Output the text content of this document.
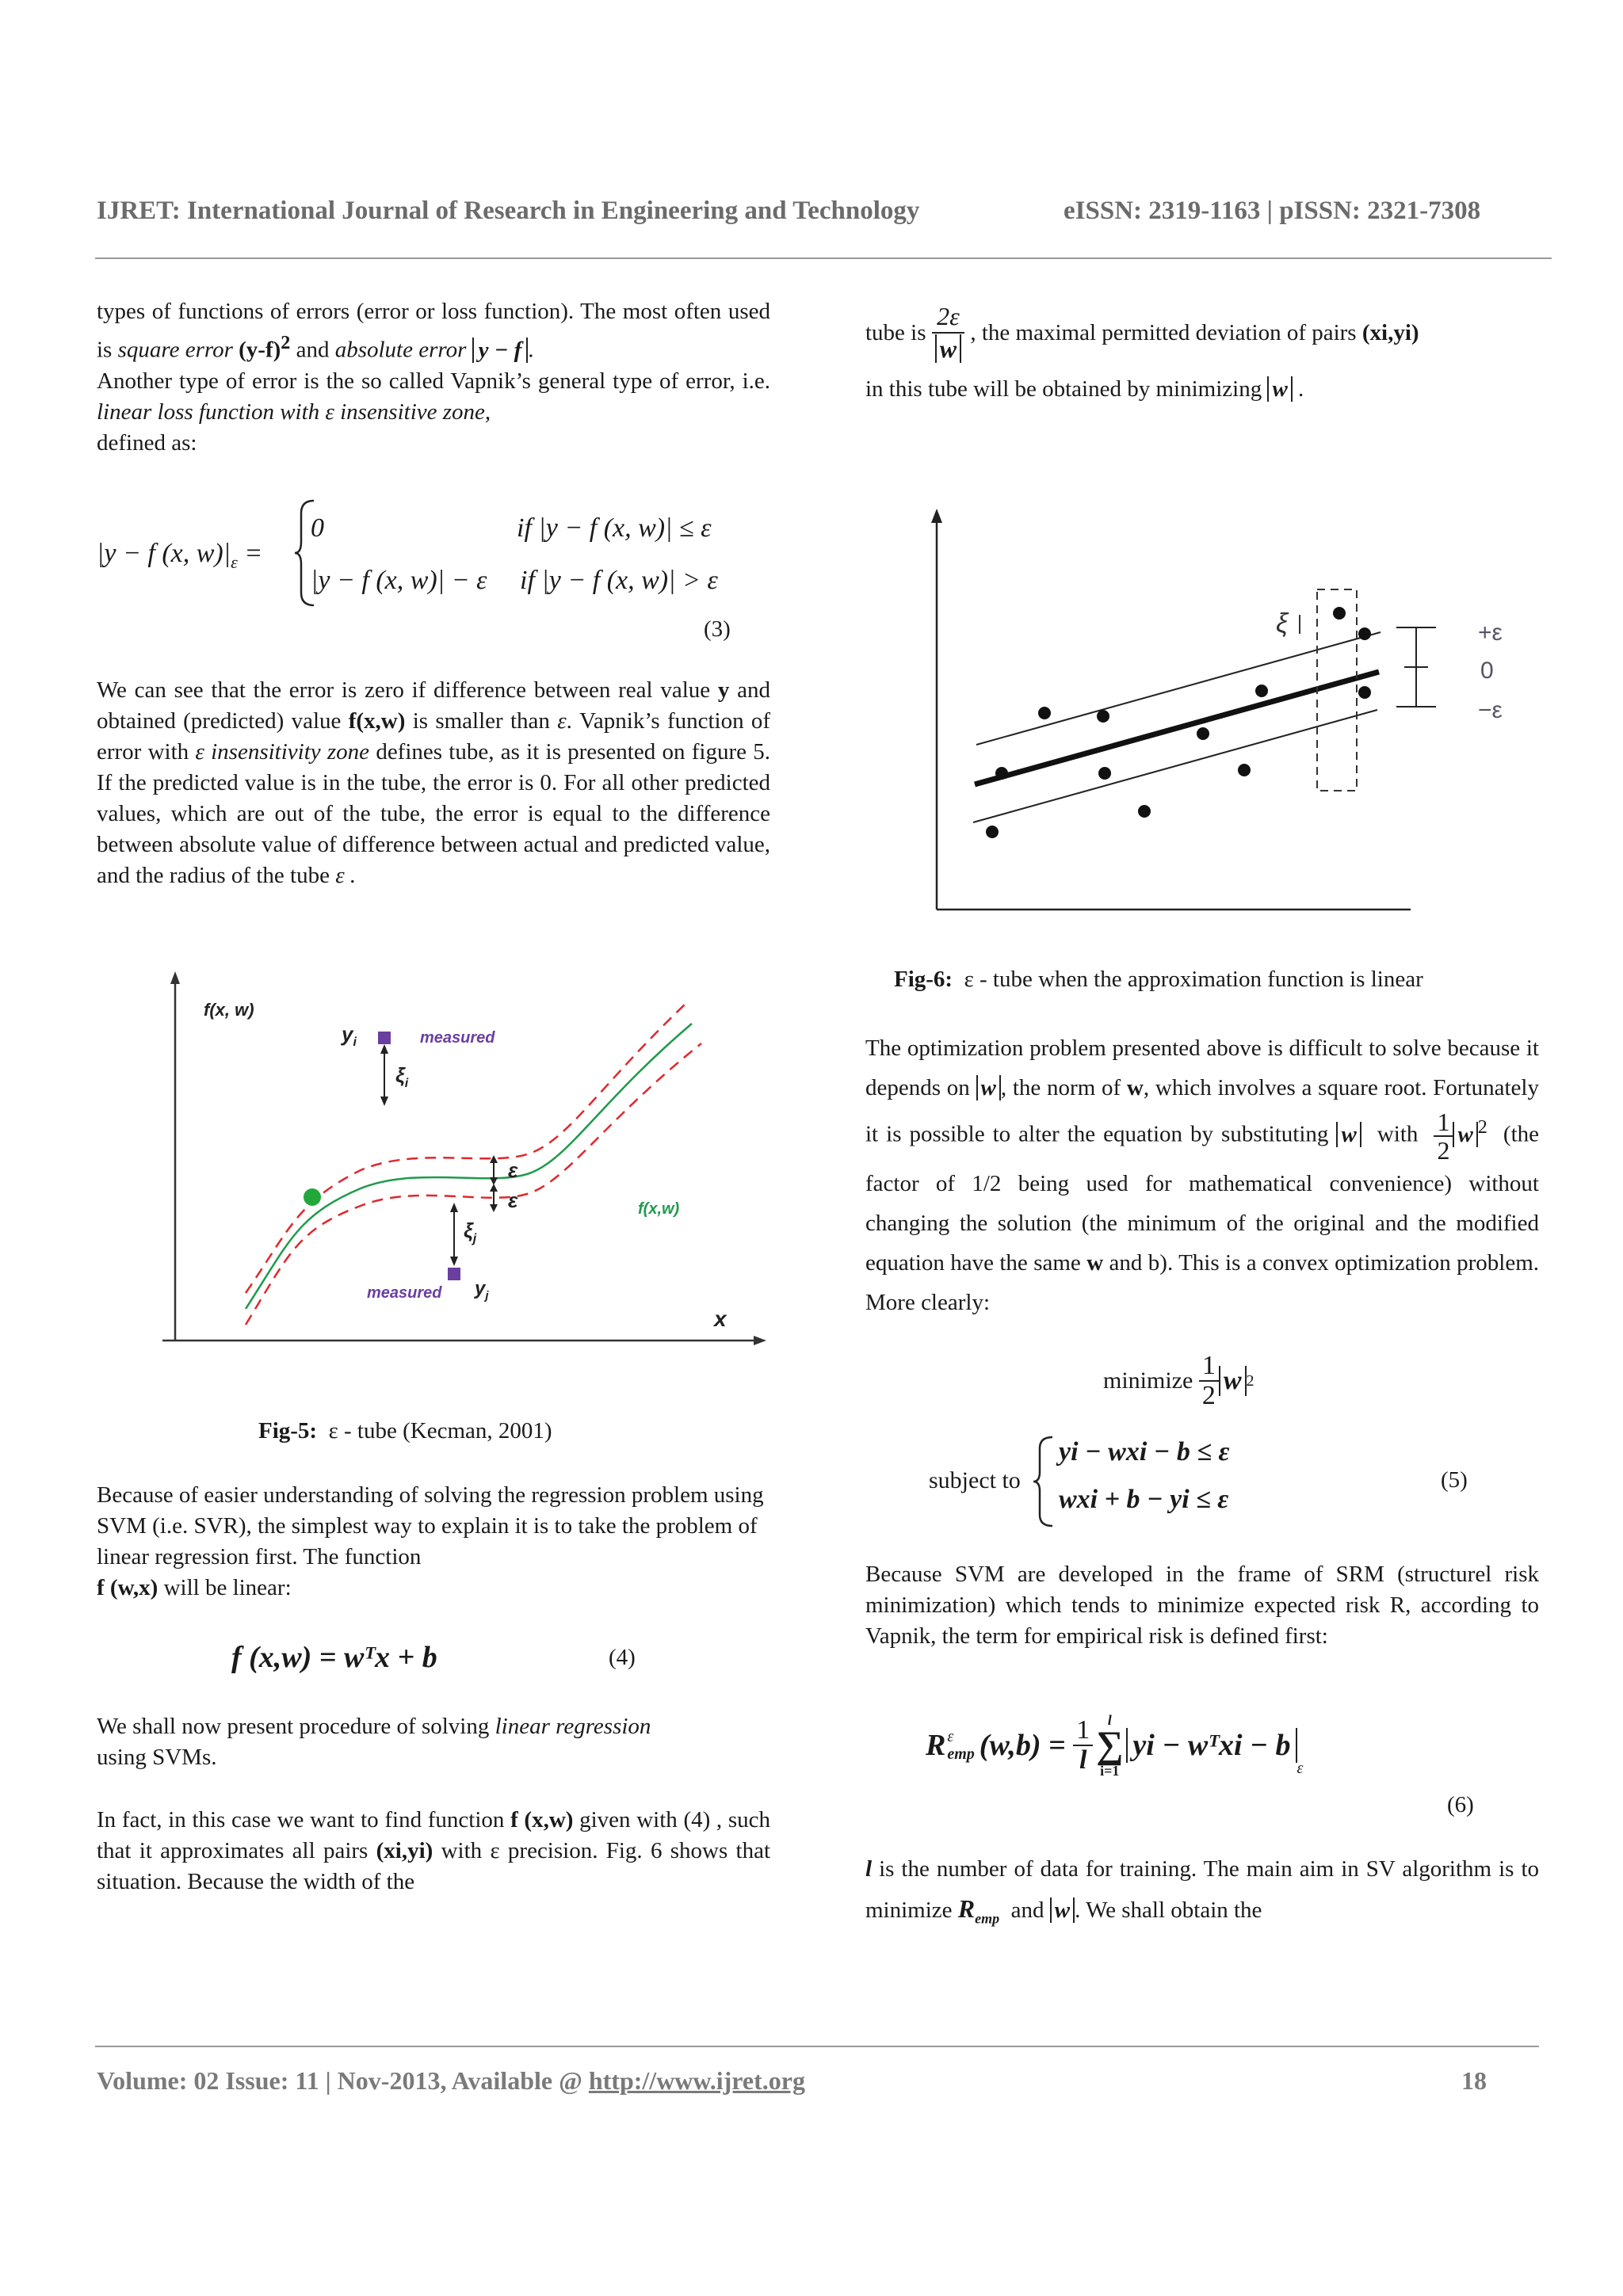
IJRET: International Journal of Research in Engineering and Technology	eISSN: 2319-1163 | pISSN: 2321-7308

types of functions of errors (error or loss function). The most often used is square error $(y-f)^2$ and absolute error y − f .

Another type of error is the so called Vapnik’s general type of error, i.e. linear loss function with ε insensitive zone,

defined as:

|y − f (x, $w)|_\varepsilon$ =
0	if |y − f (x, w)| ≤ ε
|y − f (x, w)| − ε if |y − f (x, w)| > ε
(3)

We can see that the error is zero if difference between real value y and obtained (predicted) value f(x,w) is smaller than ε. Vapnik’s function of error with ε insensitivity zone defines tube, as it is presented on figure 5. If the predicted value is in the tube, the error is 0. For all other predicted values, which are out of the tube, the error is equal to the difference between absolute value of difference between actual and predicted value, and the radius of the tube ε .

f(x, w)
$y_i$	measured
$\xi_i$
ε
ε
$\xi_j$
f(x,w)
measured $y_j$
x
Fig-5: ε - tube (Kecman, 2001)

Because of easier understanding of solving the regression problem using SVM (i.e. SVR), the simplest way to explain it is to take the problem of linear regression first. The function
f (w,x) will be linear:

f (x,w) = wᵀx + b	(4)

We shall now present procedure of solving linear regression
using SVMs.

In fact, in this case we want to find function f (x,w) given with (4) , such that it approximates all pairs (xi,yi) with ε precision. Fig. 6 shows that situation. Because the width of the

tube is
$\frac{2\varepsilon}{w}$
, the maximal permitted deviation of pairs
(xi,yi)
in this tube will be obtained by minimizing w .
ξ	+ε
0
−ε
Fig-6: ε - tube when the approximation function is linear
The optimization problem presented above is difficult to solve because it depends on w , the norm of w, which involves a square root. Fortunately it is possible to alter the equation by substituting w with $\frac{1}{2}$ w $^2$ (the factor of 1/2 being used for mathematical convenience) without changing the solution (the minimum of the original and the modified equation have the same w and b). This is a convex optimization problem. More clearly:
minimize
$\frac{1}{2}$ w 2
subject to
yi − wxi − b ≤ ε
wxi + b − yi ≤ ε
(5)

Because SVM are developed in the frame of SRM (structurel risk minimization) which tends to minimize expected risk R, according to Vapnik, the term for empirical risk is defined first:

R ε
emp (w,b) =
$\frac{1}{l}$ l
∑
i=1
yi − wᵀxi − b
ε
(6)
l is the number of data for training. The main aim in SV algorithm is to minimize $R_{emp}$ and w . We shall obtain the
Volume: 02 Issue: 11 | Nov-2013, Available @ http://www.ijret.org	18
